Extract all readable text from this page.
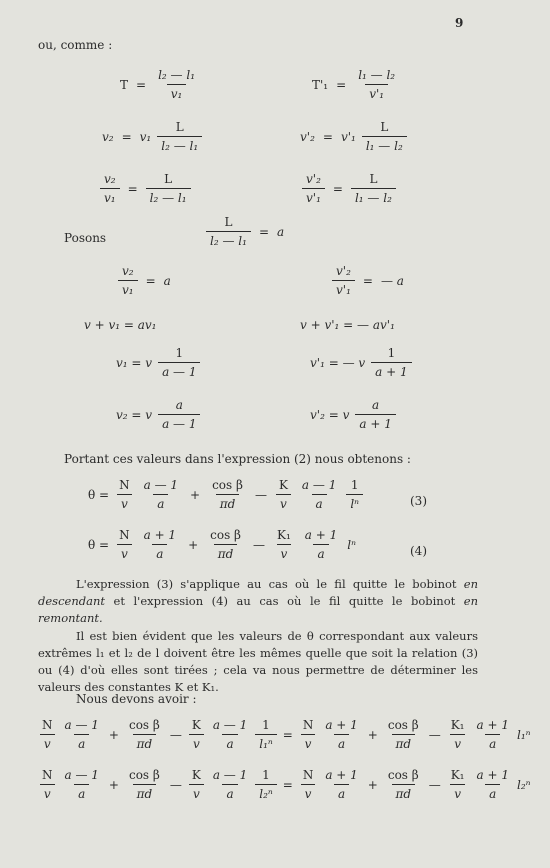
9
ou, comme :
$T = \frac{\text{l₂ — l₁}}{\text{v₁}}$	$T'_1 = \frac{\text{l₁ — l₂}}{\text{v'₁}}$
$v_2 = v_1 \frac{L}{\text{l₂ — l₁}}$	$v'_2 = v'_1 \frac{L}{\text{l₁ — l₂}}$
$\frac{\text{v₂}}{\text{v₁}} = \frac{L}{\text{l₂ — l₁}}$	$\frac{\text{v'₂}}{\text{v'₁}} = \frac{L}{\text{l₁ — l₂}}$
Posons	$\frac{L}{\text{l₂ — l₁}} = a$
$\frac{\text{v₂}}{\text{v₁}} = a$	$\frac{\text{v'₂}}{\text{v'₁}}$ = — a
v + v₁ = av₁	v + v'₁ = — av'₁
v₁ = v $\frac{1}{a — 1}$	v'₁ = — v $\frac{1}{a + 1}$
v₂ = v $\frac{a}{a — 1}$	v'₂ = v $\frac{a}{a + 1}$
Portant ces valeurs dans l'expression (2) nous obtenons :
$\theta = \frac{N}{v} \frac{a — 1}{a} + \frac{\text{cos β}}{\pi d}$ — $\frac{K}{v} \frac{a — 1}{a} \frac{1}{\text{lⁿ}}$	(3)
$\theta = \frac{N}{v} \frac{a + 1}{a} + \frac{\text{cos β}}{\pi d}$ — $\frac{\text{K₁}}{v} \frac{a + 1}{a}$ lⁿ	(4)
L'expression (3) s'applique au cas où le fil quitte le bobinot en descendant et l'expression (4) au cas où le fil quitte le bobinot en remontant.
Il est bien évident que les valeurs de θ correspondant aux valeurs extrêmes l₁ et l₂ de l doivent être les mêmes quelle que soit la relation (3) ou (4) d'où elles sont tirées ; cela va nous permettre de déterminer les valeurs des constantes K et K₁.
Nous devons avoir :
$\frac{N}{v} \frac{a — 1}{a} + \frac{\text{cos β}}{\pi d}$ — $\frac{K}{v} \frac{a — 1}{a} \frac{1}{\text{l₁ⁿ}} = \frac{N}{v} \frac{a + 1}{a} + \frac{\text{cos β}}{\pi d}$ — $\frac{\text{K₁}}{v} \frac{a + 1}{a} l_1^n$
$\frac{N}{v} \frac{a — 1}{a} + \frac{\text{cos β}}{\pi d}$ — $\frac{K}{v} \frac{a — 1}{a} \frac{1}{\text{l₂ⁿ}} = \frac{N}{v} \frac{a + 1}{a} + \frac{\text{cos β}}{\pi d}$ — $\frac{\text{K₁}}{v} \frac{a + 1}{a} l_2^n$
